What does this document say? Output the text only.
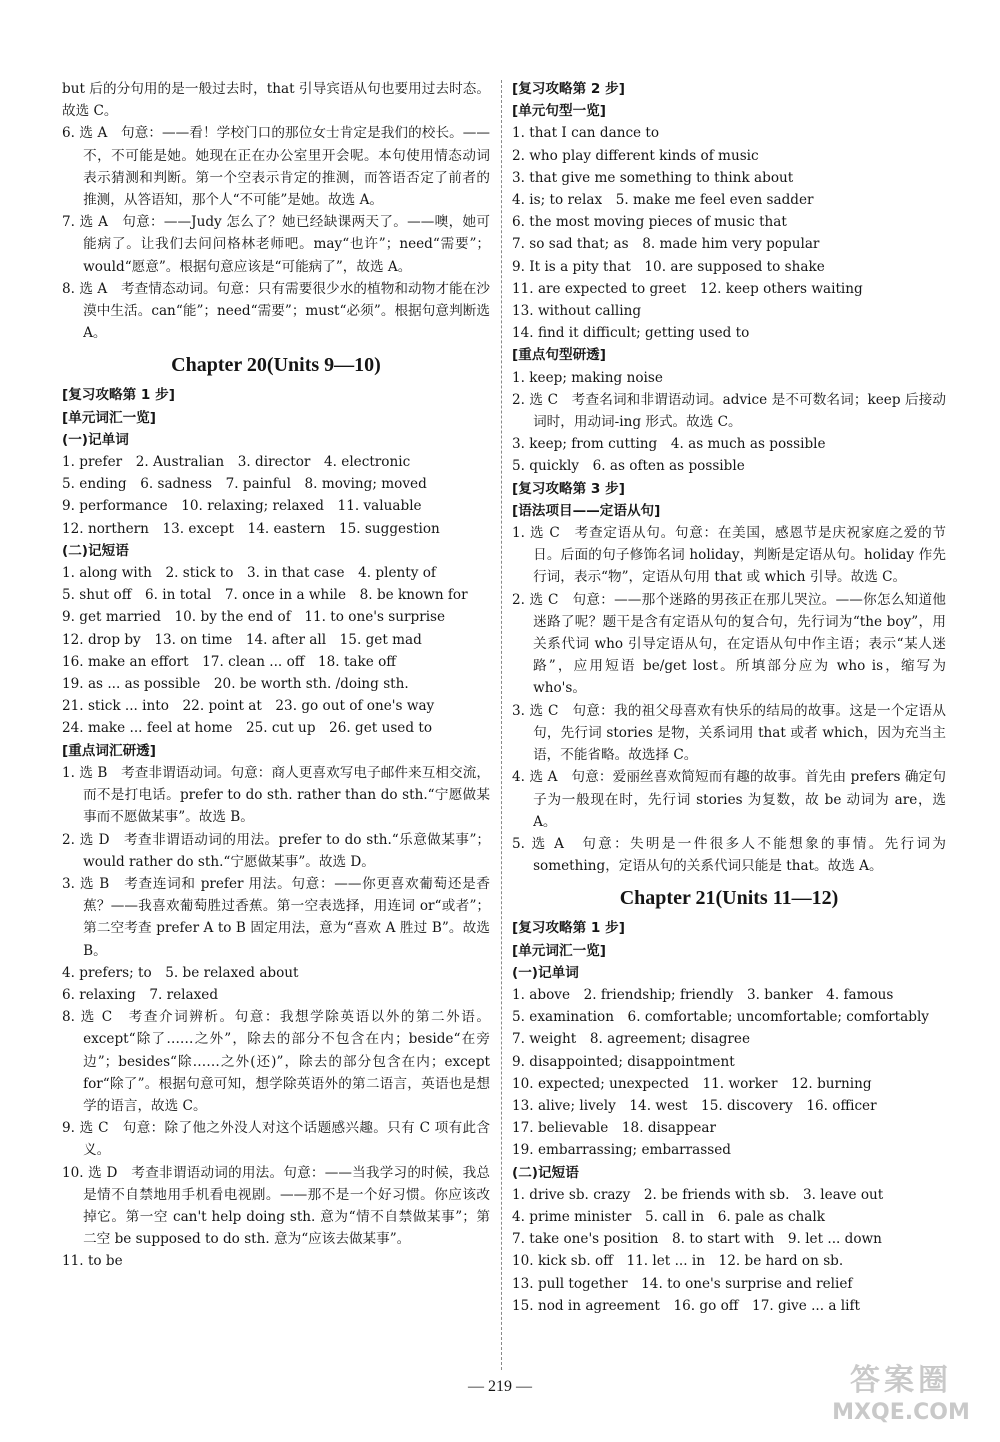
but 后的分句用的是一般过去时，that 引导宾语从句也要用过去时态。故选 C。
6. 选 A　句意：——看！学校门口的那位女士肯定是我们的校长。——不，不可能是她。她现在正在办公室里开会呢。本句使用情态动词表示猜测和判断。第一个空表示肯定的推测，而答语否定了前者的推测，从答语知，那个人“不可能”是她。故选 A。
7. 选 A　句意：——Judy 怎么了？她已经缺课两天了。——噢，她可能病了。让我们去问问格林老师吧。may“也许”；need“需要”；would“愿意”。根据句意应该是“可能病了”，故选 A。
8. 选 A　考查情态动词。句意：只有需要很少水的植物和动物才能在沙漠中生活。can“能”；need“需要”；must“必须”。根据句意判断选 A。
Chapter 20(Units 9—10)
[复习攻略第 1 步]
[单元词汇一览]
(一)记单词
1. prefer　2. Australian　3. director　4. electronic
5. ending　6. sadness　7. painful　8. moving; moved
9. performance　10. relaxing; relaxed　11. valuable
12. northern　13. except　14. eastern　15. suggestion
(二)记短语
1. along with　2. stick to　3. in that case　4. plenty of
5. shut off　6. in total　7. once in a while　8. be known for
9. get married　10. by the end of　11. to one's surprise
12. drop by　13. on time　14. after all　15. get mad
16. make an effort　17. clean ... off　18. take off
19. as ... as possible　20. be worth sth. /doing sth.
21. stick ... into　22. point at　23. go out of one's way
24. make ... feel at home　25. cut up　26. get used to
[重点词汇研透]
1. 选 B　考查非谓语动词。句意：商人更喜欢写电子邮件来互相交流，而不是打电话。prefer to do sth. rather than do sth.“宁愿做某事而不愿做某事”。故选 B。
2. 选 D　考查非谓语动词的用法。prefer to do sth.“乐意做某事”；would rather do sth.“宁愿做某事”。故选 D。
3. 选 B　考查连词和 prefer 用法。句意：——你更喜欢葡萄还是香蕉？——我喜欢葡萄胜过香蕉。第一空表选择，用连词 or“或者”；第二空考查 prefer A to B 固定用法，意为“喜欢 A 胜过 B”。故选 B。
4. prefers; to　5. be relaxed about
6. relaxing　7. relaxed
8. 选 C　考查介词辨析。句意：我想学除英语以外的第二外语。except“除了……之外”，除去的部分不包含在内；beside“在旁边”；besides“除……之外(还)”，除去的部分包含在内；except for“除了”。根据句意可知，想学除英语外的第二语言，英语也是想学的语言，故选 C。
9. 选 C　句意：除了他之外没人对这个话题感兴趣。只有 C 项有此含义。
10. 选 D　考查非谓语动词的用法。句意：——当我学习的时候，我总是情不自禁地用手机看电视剧。——那不是一个好习惯。你应该改掉它。第一空 can't help doing sth. 意为“情不自禁做某事”；第二空 be supposed to do sth. 意为“应该去做某事”。
11. to be
[复习攻略第 2 步]
[单元句型一览]
1. that I can dance to
2. who play different kinds of music
3. that give me something to think about
4. is; to relax　5. make me feel even sadder
6. the most moving pieces of music that
7. so sad that; as　8. made him very popular
9. It is a pity that　10. are supposed to shake
11. are expected to greet　12. keep others waiting
13. without calling
14. find it difficult; getting used to
[重点句型研透]
1. keep; making noise
2. 选 C　考查名词和非谓语动词。advice 是不可数名词；keep 后接动词时，用动词-ing 形式。故选 C。
3. keep; from cutting　4. as much as possible
5. quickly　6. as often as possible
[复习攻略第 3 步]
[语法项目——定语从句]
1. 选 C　考查定语从句。句意：在美国，感恩节是庆祝家庭之爱的节日。后面的句子修饰名词 holiday，判断是定语从句。holiday 作先行词，表示“物”，定语从句用 that 或 which 引导。故选 C。
2. 选 C　句意：——那个迷路的男孩正在那儿哭泣。——你怎么知道他迷路了呢？题干是含有定语从句的复合句，先行词为“the boy”，用关系代词 who 引导定语从句，在定语从句中作主语；表示“某人迷路”，应用短语 be/get lost。所填部分应为 who is，缩写为 who's。
3. 选 C　句意：我的祖父母喜欢有快乐的结局的故事。这是一个定语从句，先行词 stories 是物，关系词用 that 或者 which，因为充当主语，不能省略。故选择 C。
4. 选 A　句意：爱丽丝喜欢简短而有趣的故事。首先由 prefers 确定句子为一般现在时，先行词 stories 为复数，故 be 动词为 are，选 A。
5. 选 A　句意：失明是一件很多人不能想象的事情。先行词为 something，定语从句的关系代词只能是 that。故选 A。
Chapter 21(Units 11—12)
[复习攻略第 1 步]
[单元词汇一览]
(一)记单词
1. above　2. friendship; friendly　3. banker　4. famous
5. examination　6. comfortable; uncomfortable; comfortably
7. weight　8. agreement; disagree
9. disappointed; disappointment
10. expected; unexpected　11. worker　12. burning
13. alive; lively　14. west　15. discovery　16. officer
17. believable　18. disappear
19. embarrassing; embarrassed
(二)记短语
1. drive sb. crazy　2. be friends with sb.　3. leave out
4. prime minister　5. call in　6. pale as chalk
7. take one's position　8. to start with　9. let ... down
10. kick sb. off　11. let ... in　12. be hard on sb.
13. pull together　14. to one's surprise and relief
15. nod in agreement　16. go off　17. give ... a lift
— 219 —	答案圈
MXQE.COM
